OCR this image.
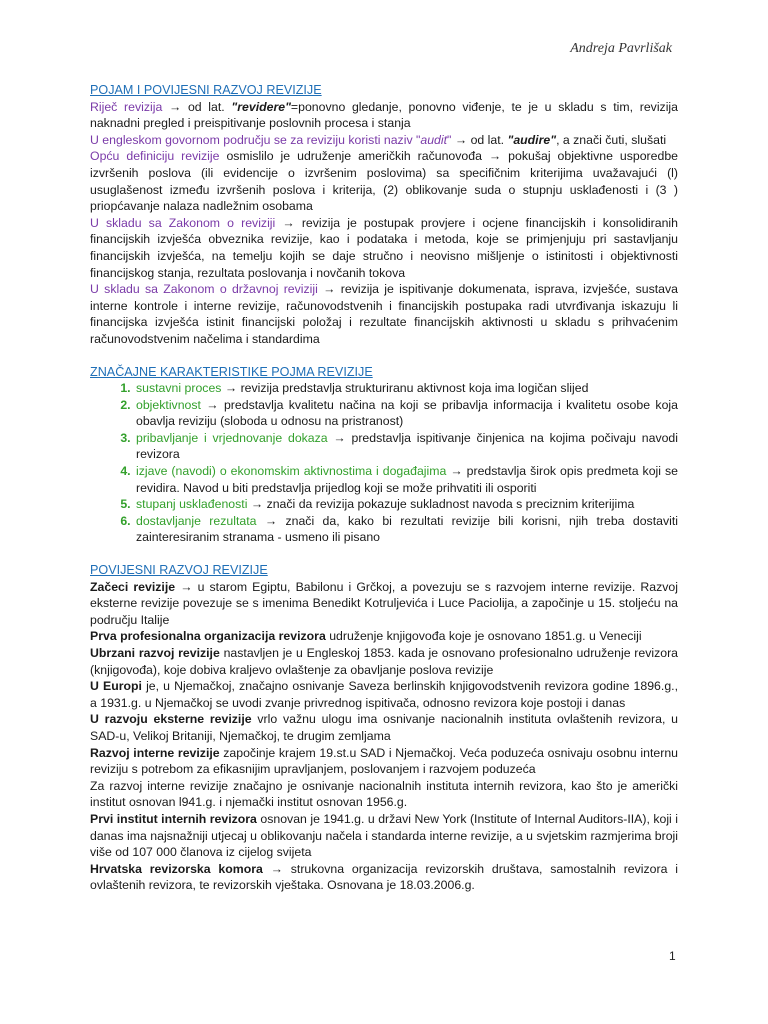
Andreja Pavrlišak
POJAM I POVIJESNI RAZVOJ REVIZIJE

Riječ revizija → od lat. "revidere"=ponovno gledanje, ponovno viđenje, te je u skladu s tim, revizija naknadni pregled i preispitivanje poslovnih procesa i stanja

U engleskom govornom području se za reviziju koristi naziv "audit" → od lat. "audire", a znači čuti, slušati

Opću definiciju revizije osmislilo je udruženje američkih računovođa → pokušaj objektivne usporedbe izvršenih poslova (ili evidencije o izvršenim poslovima) sa specifičnim kriterijima uvažavajući (l) usuglašenost između izvršenih poslova i kriterija, (2) oblikovanje suda o stupnju usklađenosti i (3 ) priopćavanje nalaza nadležnim osobama

U skladu sa Zakonom o reviziji → revizija je postupak provjere i ocjene financijskih i konsolidiranih financijskih izvješća obveznika revizije, kao i podataka i metoda, koje se primjenjuju pri sastavljanju financijskih izvješća, na temelju kojih se daje stručno i neovisno mišljenje o istinitosti i objektivnosti financijskog stanja, rezultata poslovanja i novčanih tokova

U skladu sa Zakonom o državnoj reviziji → revizija je ispitivanje dokumenata, isprava, izvješće, sustava interne kontrole i interne revizije, računovodstvenih i financijskih postupaka radi utvrđivanja iskazuju li financijska izvješća istinit financijski položaj i rezultate financijskih aktivnosti u skladu s prihvaćenim računovodstvenim načelima i standardima

ZNAČAJNE KARAKTERISTIKE POJMA REVIZIJE
1. sustavni proces → revizija predstavlja strukturiranu aktivnost koja ima logičan slijed
2. objektivnost → predstavlja kvalitetu načina na koji se pribavlja informacija i kvalitetu osobe koja obavlja reviziju (sloboda u odnosu na pristranost)
3. pribavljanje i vrjednovanje dokaza → predstavlja ispitivanje činjenica na kojima počivaju navodi revizora
4. izjave (navodi) o ekonomskim aktivnostima i događajima → predstavlja širok opis predmeta koji se revidira. Navod u biti predstavlja prijedlog koji se može prihvatiti ili osporiti
5. stupanj usklađenosti → znači da revizija pokazuje sukladnost navoda s preciznim kriterijima
6. dostavljanje rezultata → znači da, kako bi rezultati revizije bili korisni, njih treba dostaviti zainteresiranim stranama - usmeno ili pisano
POVIJESNI RAZVOJ REVIZIJE

Začeci revizije → u starom Egiptu, Babilonu i Grčkoj, a povezuju se s razvojem interne revizije. Razvoj eksterne revizije povezuje se s imenima Benedikt Kotruljevića i Luce Paciolija, a započinje u 15. stoljeću na području Italije

Prva profesionalna organizacija revizora udruženje knjigovođa koje je osnovano 1851.g. u Veneciji

Ubrzani razvoj revizije nastavljen je u Engleskoj 1853. kada je osnovano profesionalno udruženje revizora (knjigovođa), koje dobiva kraljevo ovlaštenje za obavljanje poslova revizije

U Europi je, u Njemačkoj, značajno osnivanje Saveza berlinskih knjigovodstvenih revizora godine 1896.g., a 1931.g. u Njemačkoj se uvodi zvanje privrednog ispitivača, odnosno revizora koje postoji i danas

U razvoju eksterne revizije vrlo važnu ulogu ima osnivanje nacionalnih instituta ovlaštenih revizora, u SAD-u, Velikoj Britaniji, Njemačkoj, te drugim zemljama

Razvoj interne revizije započinje krajem 19.st.u SAD i Njemačkoj. Veća poduzeća osnivaju osobnu internu reviziju s potrebom za efikasnijim upravljanjem, poslovanjem i razvojem poduzeća

Za razvoj interne revizije značajno je osnivanje nacionalnih instituta internih revizora, kao što je američki institut osnovan l941.g. i njemački institut osnovan 1956.g.

Prvi institut internih revizora osnovan je 1941.g. u državi New York (Institute of Internal Auditors-IIA), koji i danas ima najsnažniji utjecaj u oblikovanju načela i standarda interne revizije, a u svjetskim razmjerima broji više od 107 000 članova iz cijelog svijeta

Hrvatska revizorska komora → strukovna organizacija revizorskih društava, samostalnih revizora i ovlaštenih revizora, te revizorskih vještaka. Osnovana je 18.03.2006.g.

1
